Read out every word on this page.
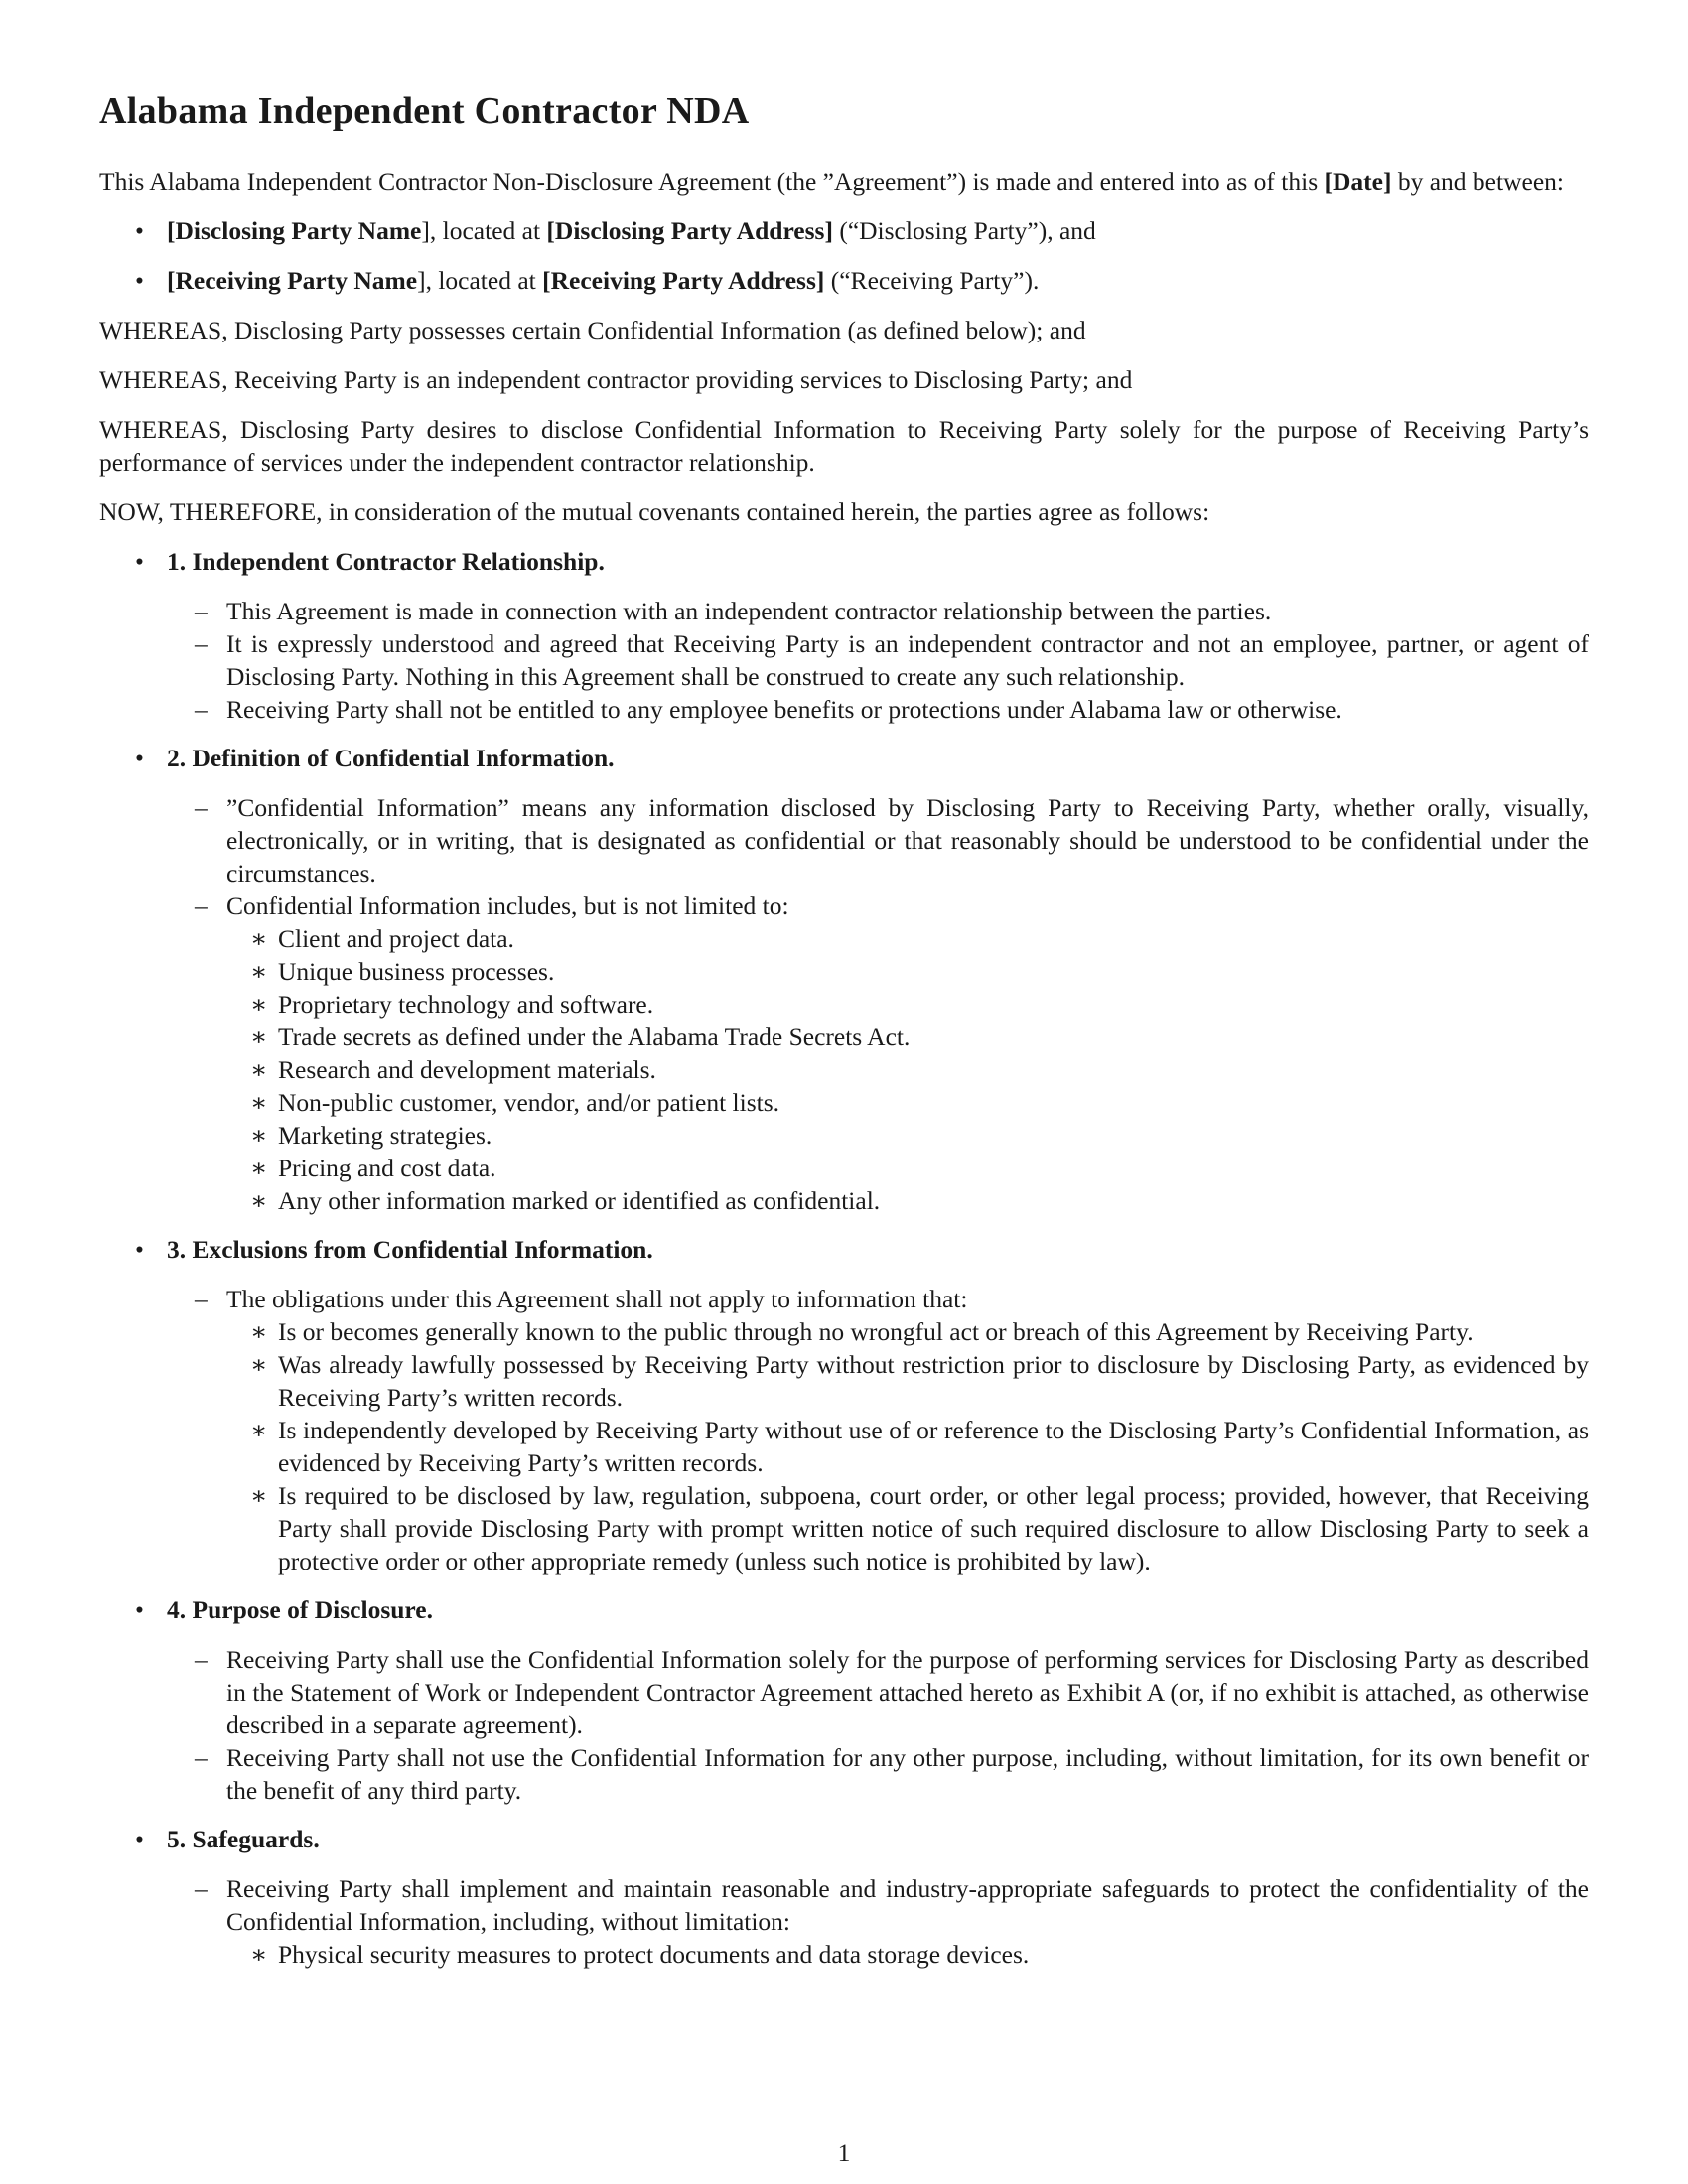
Alabama Independent Contractor NDA

This Alabama Independent Contractor Non-Disclosure Agreement (the ”Agreement”) is made and entered into as of this [Date] by and between:

• [Disclosing Party Name], located at [Disclosing Party Address] (“Disclosing Party”), and
• [Receiving Party Name], located at [Receiving Party Address] (“Receiving Party”).

WHEREAS, Disclosing Party possesses certain Confidential Information (as defined below); and

WHEREAS, Receiving Party is an independent contractor providing services to Disclosing Party; and

WHEREAS, Disclosing Party desires to disclose Confidential Information to Receiving Party solely for the purpose of Receiving Party’s performance of services under the independent contractor relationship.

NOW, THEREFORE, in consideration of the mutual covenants contained herein, the parties agree as follows:

• 1. Independent Contractor Relationship.
– This Agreement is made in connection with an independent contractor relationship between the parties.
– It is expressly understood and agreed that Receiving Party is an independent contractor and not an employee, partner, or agent of Disclosing Party. Nothing in this Agreement shall be construed to create any such relationship.
– Receiving Party shall not be entitled to any employee benefits or protections under Alabama law or otherwise.
• 2. Definition of Confidential Information.
– ”Confidential Information” means any information disclosed by Disclosing Party to Receiving Party, whether orally, visually, electronically, or in writing, that is designated as confidential or that reasonably should be understood to be confidential under the circumstances.
– Confidential Information includes, but is not limited to:
∗ Client and project data.
∗ Unique business processes.
∗ Proprietary technology and software.
∗ Trade secrets as defined under the Alabama Trade Secrets Act.
∗ Research and development materials.
∗ Non-public customer, vendor, and/or patient lists.
∗ Marketing strategies.
∗ Pricing and cost data.
∗ Any other information marked or identified as confidential.
• 3. Exclusions from Confidential Information.
– The obligations under this Agreement shall not apply to information that:
∗ Is or becomes generally known to the public through no wrongful act or breach of this Agreement by Receiving Party.
∗ Was already lawfully possessed by Receiving Party without restriction prior to disclosure by Disclosing Party, as evidenced by Receiving Party’s written records.
∗ Is independently developed by Receiving Party without use of or reference to the Disclosing Party’s Confidential Information, as evidenced by Receiving Party’s written records.
∗ Is required to be disclosed by law, regulation, subpoena, court order, or other legal process; provided, however, that Receiving Party shall provide Disclosing Party with prompt written notice of such required disclosure to allow Disclosing Party to seek a protective order or other appropriate remedy (unless such notice is prohibited by law).
• 4. Purpose of Disclosure.
– Receiving Party shall use the Confidential Information solely for the purpose of performing services for Disclosing Party as described in the Statement of Work or Independent Contractor Agreement attached hereto as Exhibit A (or, if no exhibit is attached, as otherwise described in a separate agreement).
– Receiving Party shall not use the Confidential Information for any other purpose, including, without limitation, for its own benefit or the benefit of any third party.
• 5. Safeguards.
– Receiving Party shall implement and maintain reasonable and industry-appropriate safeguards to protect the confidentiality of the Confidential Information, including, without limitation:
∗ Physical security measures to protect documents and data storage devices.
1
